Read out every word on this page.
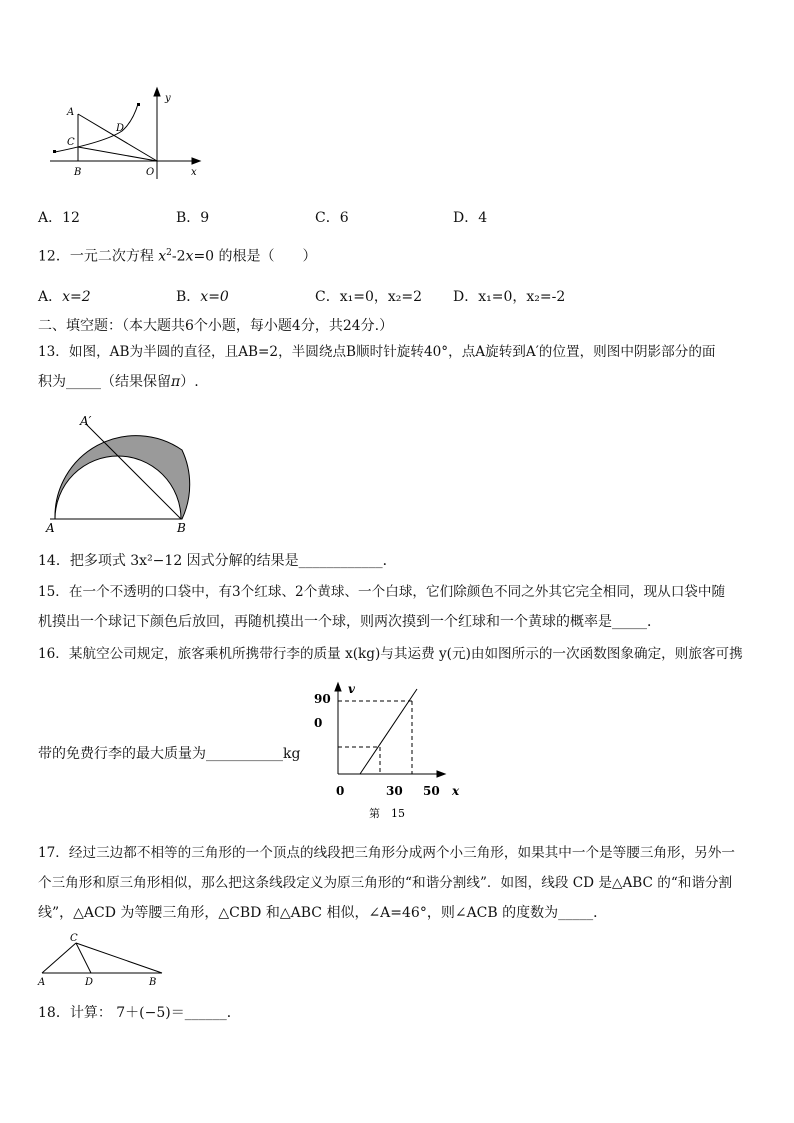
A
C
D
B	O	x
y
A．12	B．9	C．6	D．4
12．一元二次方程 $x^2-2x=0$ 的根是（　　）
A．x=2	B．x=0	C．x₁=0，x₂=2 D．x₁=0，x₂=-2
二、填空题：（本大题共6个小题，每小题4分，共24分.）
13．如图，AB为半圆的直径，且AB=2，半圆绕点B顺时针旋转40°，点A旋转到A′的位置，则图中阴影部分的面
积为_____（结果保留π）.
A′
A	B
14．把多项式 3x²−12 因式分解的结果是____________．
15．在一个不透明的口袋中，有3个红球、2个黄球、一个白球，它们除颜色不同之外其它完全相同，现从口袋中随
机摸出一个球记下颜色后放回，再随机摸出一个球，则两次摸到一个红球和一个黄球的概率是_____．
16．某航空公司规定，旅客乘机所携带行李的质量 x(kg)与其运费 y(元)由如图所示的一次函数图象确定，则旅客可携
带的免费行李的最大质量为___________kg
90
0
0	30 50 x
v
第　15
17．经过三边都不相等的三角形的一个顶点的线段把三角形分成两个小三角形，如果其中一个是等腰三角形，另外一
个三角形和原三角形相似，那么把这条线段定义为原三角形的“和谐分割线”．如图，线段 CD 是△ABC 的“和谐分割
线”，△ACD 为等腰三角形，△CBD 和△ABC 相似，∠A=46°，则∠ACB 的度数为_____．
C
A	D	B
18．计算： 7＋(−5)＝______．
